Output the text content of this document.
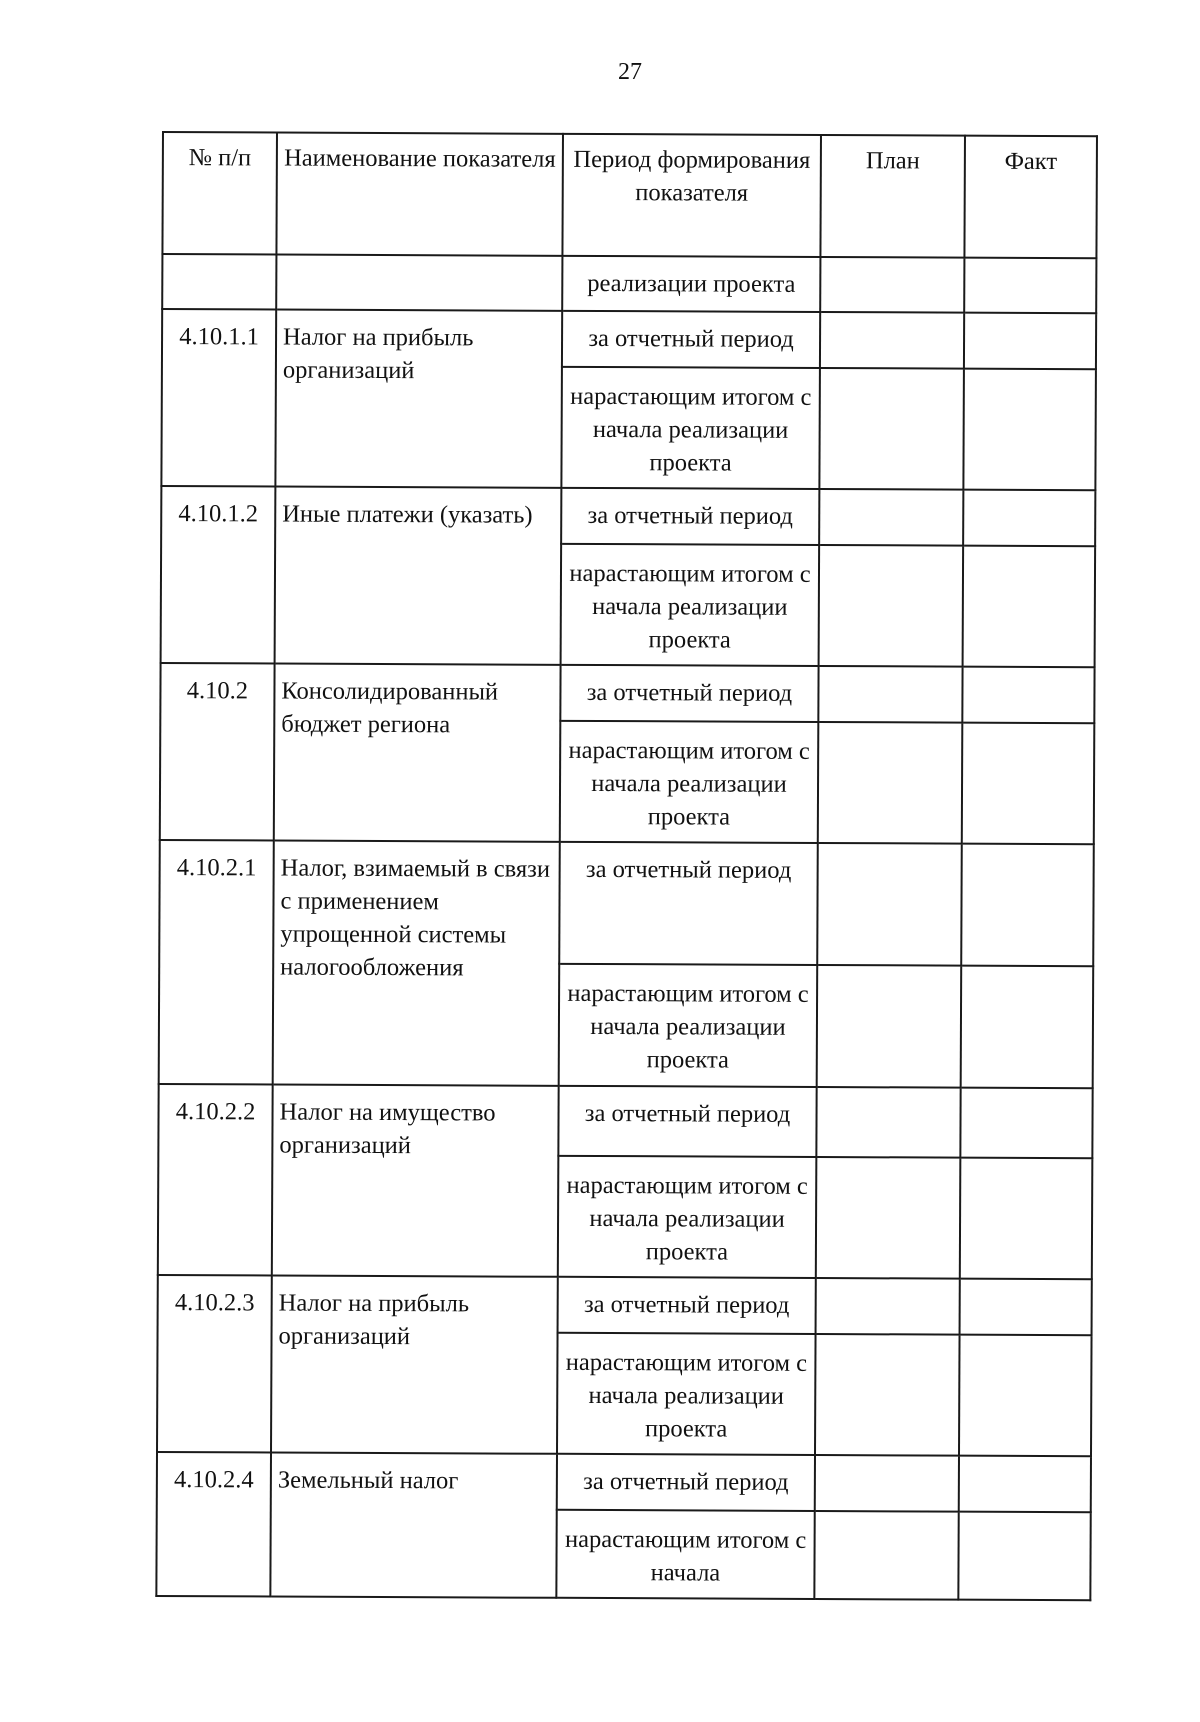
27
№ п/п	Наименование показателя	Период формирования показателя	План	Факт
		реализации проекта		
4.10.1.1	Налог на прибыль организаций	за отчетный период		
		нарастающим итогом с начала реализации проекта		
4.10.1.2	Иные платежи (указать)	за отчетный период		
		нарастающим итогом с начала реализации проекта		
4.10.2	Консолидированный бюджет региона	за отчетный период		
		нарастающим итогом с начала реализации проекта		
4.10.2.1	Налог, взимаемый в связи с применением упрощенной системы налогообложения	за отчетный период		
		нарастающим итогом с начала реализации проекта		
4.10.2.2	Налог на имущество организаций	за отчетный период		
		нарастающим итогом с начала реализации проекта		
4.10.2.3	Налог на прибыль организаций	за отчетный период		
		нарастающим итогом с начала реализации проекта		
4.10.2.4	Земельный налог	за отчетный период		
		нарастающим итогом с начала		
